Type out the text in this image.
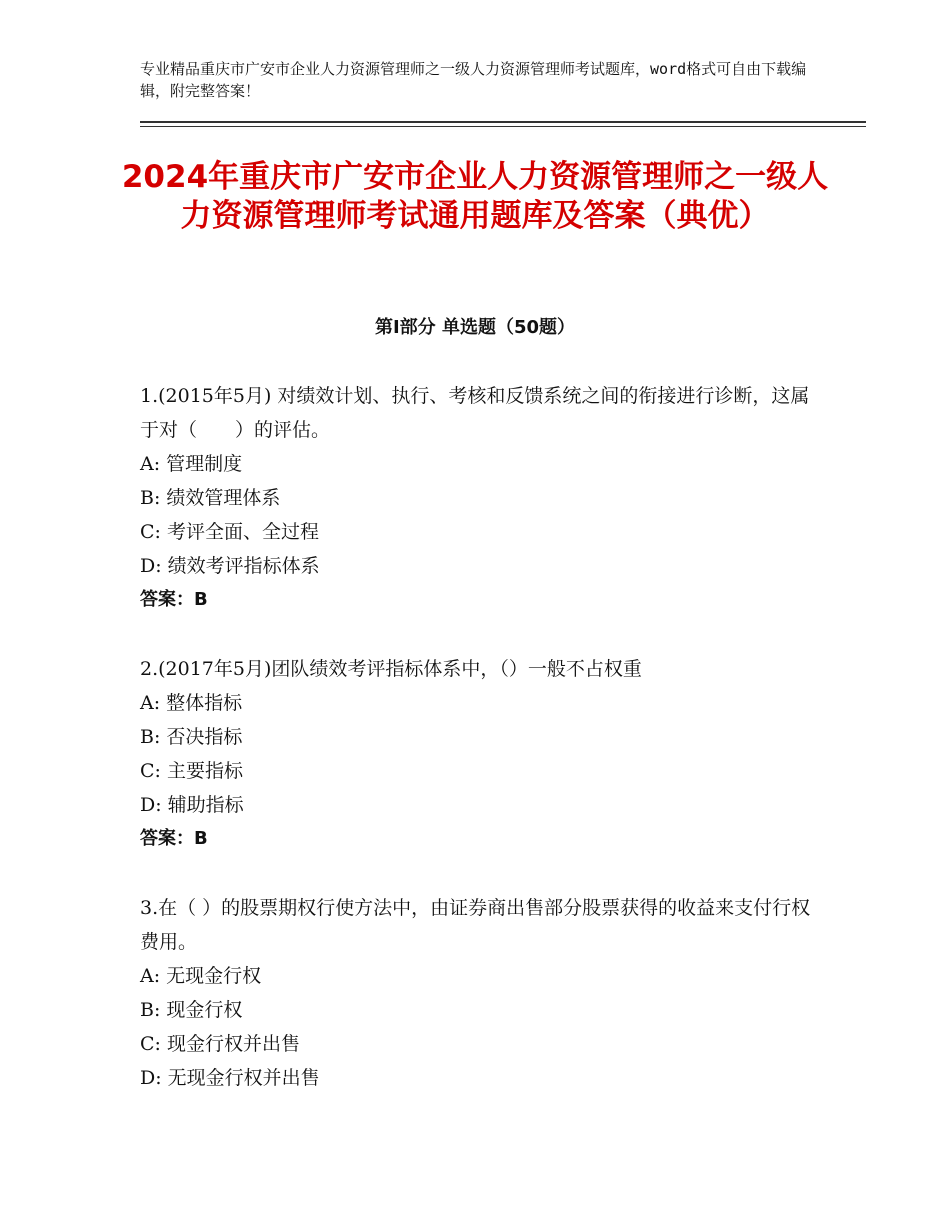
专业精品重庆市广安市企业人力资源管理师之一级人力资源管理师考试题库，word格式可自由下载编辑，附完整答案！
2024年重庆市广安市企业人力资源管理师之一级人力资源管理师考试通用题库及答案（典优）
第Ⅰ部分 单选题（50题）

1.(2015年5月) 对绩效计划、执行、考核和反馈系统之间的衔接进行诊断，这属于对（　　）的评估。

A: 管理制度

B: 绩效管理体系

C: 考评全面、全过程

D: 绩效考评指标体系

答案：B

2.(2017年5月)团队绩效考评指标体系中，（）一般不占权重

A: 整体指标

B: 否决指标

C: 主要指标

D: 辅助指标

答案：B

3.在（ ）的股票期权行使方法中，由证券商出售部分股票获得的收益来支付行权费用。

A: 无现金行权

B: 现金行权

C: 现金行权并出售

D: 无现金行权并出售
